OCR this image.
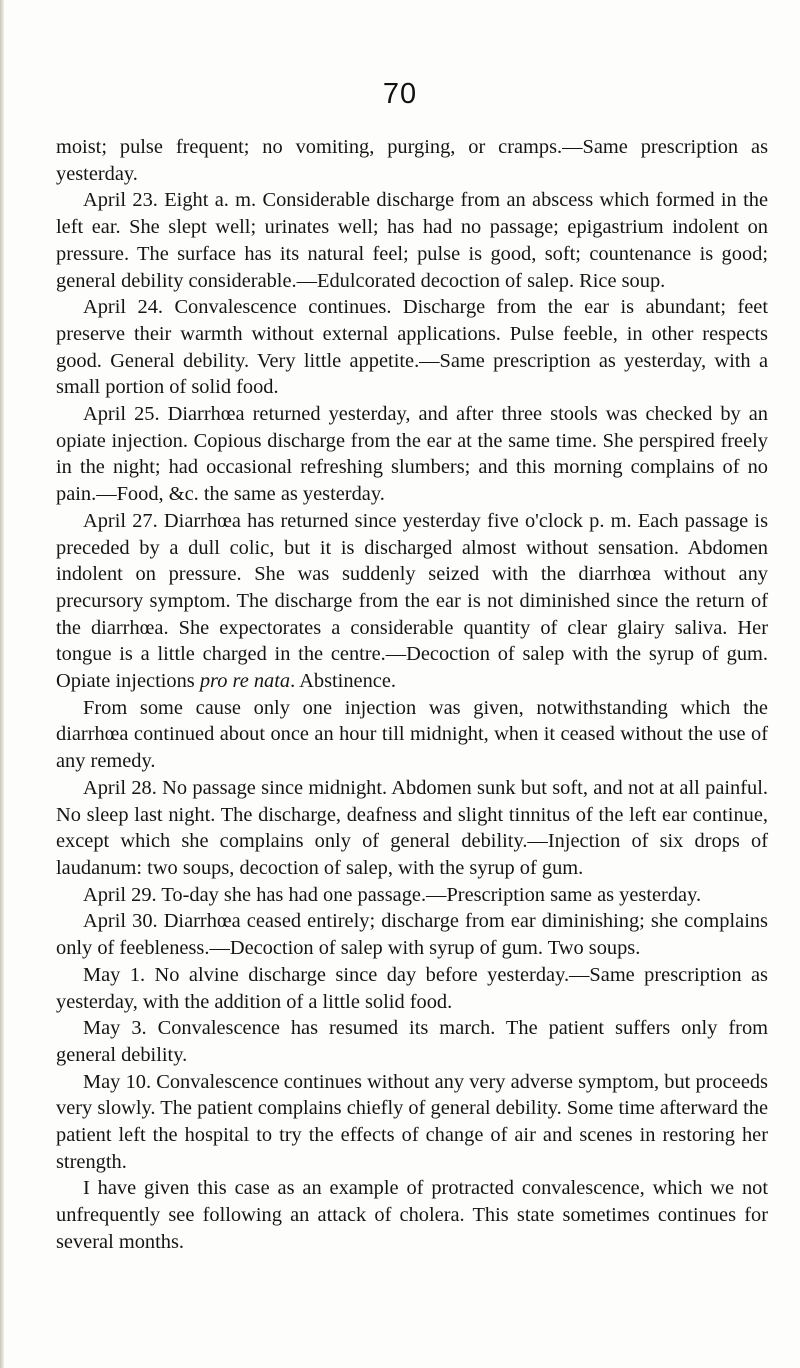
70

moist; pulse frequent; no vomiting, purging, or cramps.—Same prescription as yesterday.

April 23. Eight a. m. Considerable discharge from an abscess which formed in the left ear. She slept well; urinates well; has had no passage; epigastrium indolent on pressure. The surface has its natural feel; pulse is good, soft; countenance is good; general debility considerable.—Edulcorated decoction of salep. Rice soup.

April 24. Convalescence continues. Discharge from the ear is abundant; feet preserve their warmth without external applications. Pulse feeble, in other respects good. General debility. Very little appetite.—Same prescription as yesterday, with a small portion of solid food.

April 25. Diarrhœa returned yesterday, and after three stools was checked by an opiate injection. Copious discharge from the ear at the same time. She perspired freely in the night; had occasional refreshing slumbers; and this morning complains of no pain.—Food, &c. the same as yesterday.

April 27. Diarrhœa has returned since yesterday five o'clock p. m. Each passage is preceded by a dull colic, but it is discharged almost without sensation. Abdomen indolent on pressure. She was suddenly seized with the diarrhœa without any precursory symptom. The discharge from the ear is not diminished since the return of the diarrhœa. She expectorates a considerable quantity of clear glairy saliva. Her tongue is a little charged in the centre.—Decoction of salep with the syrup of gum. Opiate injections pro re nata. Abstinence.

From some cause only one injection was given, notwithstanding which the diarrhœa continued about once an hour till midnight, when it ceased without the use of any remedy.

April 28. No passage since midnight. Abdomen sunk but soft, and not at all painful. No sleep last night. The discharge, deafness and slight tinnitus of the left ear continue, except which she complains only of general debility.—Injection of six drops of laudanum: two soups, decoction of salep, with the syrup of gum.

April 29. To-day she has had one passage.—Prescription same as yesterday.

April 30. Diarrhœa ceased entirely; discharge from ear diminishing; she complains only of feebleness.—Decoction of salep with syrup of gum. Two soups.

May 1. No alvine discharge since day before yesterday.—Same prescription as yesterday, with the addition of a little solid food.

May 3. Convalescence has resumed its march. The patient suffers only from general debility.

May 10. Convalescence continues without any very adverse symptom, but proceeds very slowly. The patient complains chiefly of general debility. Some time afterward the patient left the hospital to try the effects of change of air and scenes in restoring her strength.

I have given this case as an example of protracted convalescence, which we not unfrequently see following an attack of cholera. This state sometimes continues for several months.
